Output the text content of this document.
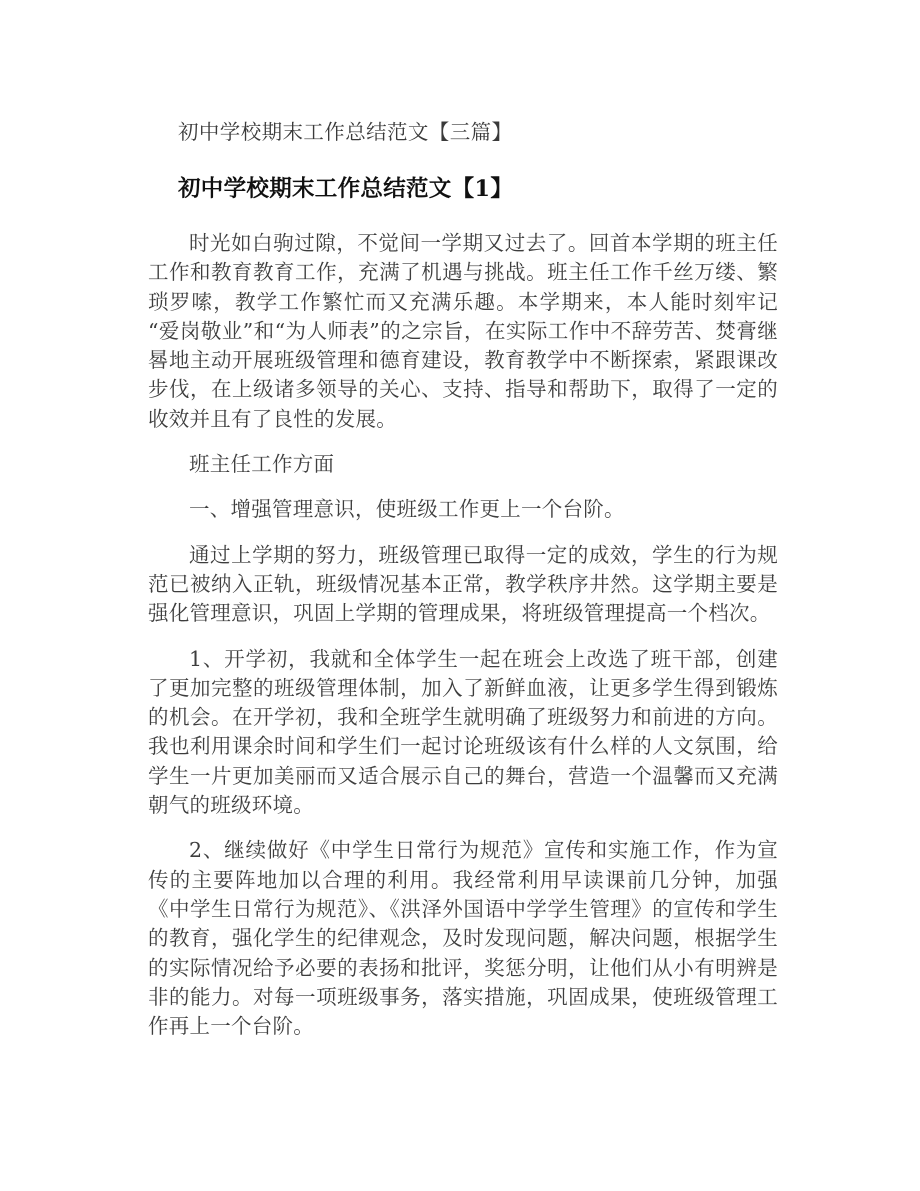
初中学校期末工作总结范文【三篇】

初中学校期末工作总结范文【1】

时光如白驹过隙，不觉间一学期又过去了。回首本学期的班主任工作和教育教育工作，充满了机遇与挑战。班主任工作千丝万缕、繁琐罗嗦，教学工作繁忙而又充满乐趣。本学期来，本人能时刻牢记“爱岗敬业”和“为人师表”的之宗旨，在实际工作中不辞劳苦、焚膏继晷地主动开展班级管理和德育建设，教育教学中不断探索，紧跟课改步伐，在上级诸多领导的关心、支持、指导和帮助下，取得了一定的收效并且有了良性的发展。

班主任工作方面

一、增强管理意识，使班级工作更上一个台阶。

通过上学期的努力，班级管理已取得一定的成效，学生的行为规范已被纳入正轨，班级情况基本正常，教学秩序井然。这学期主要是强化管理意识，巩固上学期的管理成果，将班级管理提高一个档次。

1、开学初，我就和全体学生一起在班会上改选了班干部，创建了更加完整的班级管理体制，加入了新鲜血液，让更多学生得到锻炼的机会。在开学初，我和全班学生就明确了班级努力和前进的方向。我也利用课余时间和学生们一起讨论班级该有什么样的人文氛围，给学生一片更加美丽而又适合展示自己的舞台，营造一个温馨而又充满朝气的班级环境。

2、继续做好《中学生日常行为规范》宣传和实施工作，作为宣传的主要阵地加以合理的利用。我经常利用早读课前几分钟，加强《中学生日常行为规范》、《洪泽外国语中学学生管理》的宣传和学生的教育，强化学生的纪律观念，及时发现问题，解决问题，根据学生的实际情况给予必要的表扬和批评，奖惩分明，让他们从小有明辨是非的能力。对每一项班级事务，落实措施，巩固成果，使班级管理工作再上一个台阶。
